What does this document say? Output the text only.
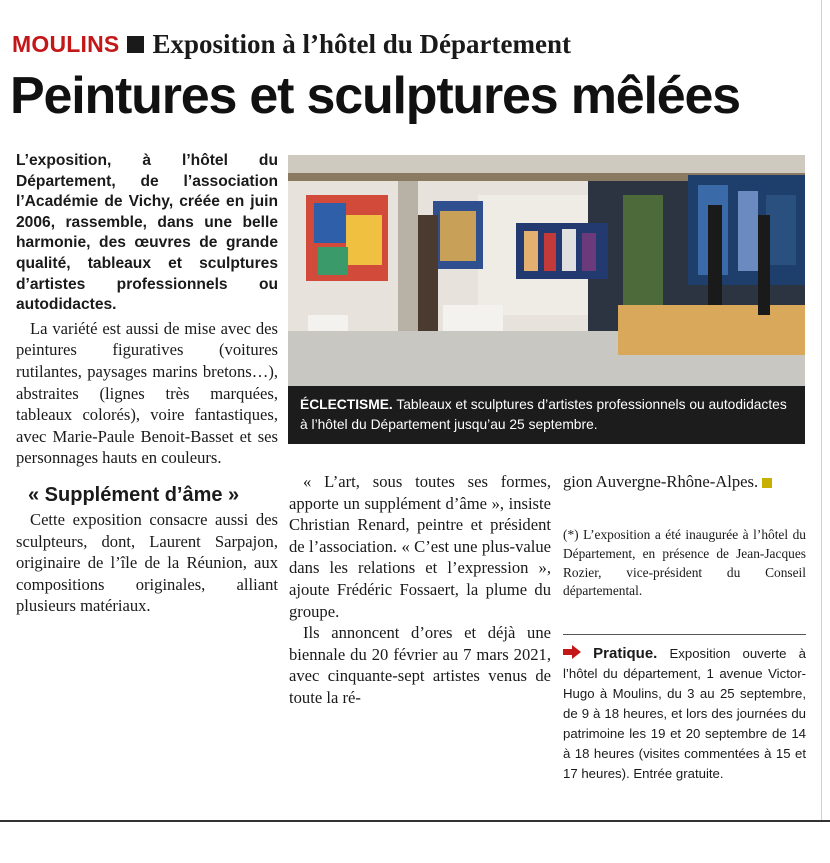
MOULINS Exposition à l’hôtel du Département
Peintures et sculptures mêlées

L’exposition, à l’hôtel du Département, de l’association l’Académie de Vichy, créée en juin 2006, rassemble, dans une belle harmonie, des œuvres de grande qualité, tableaux et sculptures d’artistes professionnels ou autodidactes.

La variété est aussi de mise avec des peintures figuratives (voitures rutilantes, paysages marins bretons…), abstraites (lignes très marquées, tableaux colorés), voire fantastiques, avec Marie-Paule Benoit-Basset et ses personnages hauts en couleurs.

« Supplément d’âme »

Cette exposition consacre aussi des sculpteurs, dont, Laurent Sarpajon, originaire de l’île de la Réunion, aux compositions originales, alliant plusieurs matériaux.

ÉCLECTISME. Tableaux et sculptures d’artistes professionnels ou autodidactes à l’hôtel du Département jusqu’au 25 septembre.

« L’art, sous toutes ses formes, apporte un supplément d’âme », insiste Christian Renard, peintre et président de l’association. « C’est une plus-value dans les relations et l’expression », ajoute Frédéric Fossaert, la plume du groupe.

Ils annoncent d’ores et déjà une biennale du 20 février au 7 mars 2021, avec cinquante-sept artistes venus de toute la ré-

gion Auvergne-Rhône-Alpes.

(*) L’exposition a été inaugurée à l’hôtel du Département, en présence de Jean-Jacques Rozier, vice-président du Conseil départemental.
Pratique. Exposition ouverte à l’hôtel du département, 1 avenue Victor-Hugo à Moulins, du 3 au 25 septembre, de 9 à 18 heures, et lors des journées du patrimoine les 19 et 20 septembre de 14 à 18 heures (visites commentées à 15 et 17 heures). Entrée gratuite.
